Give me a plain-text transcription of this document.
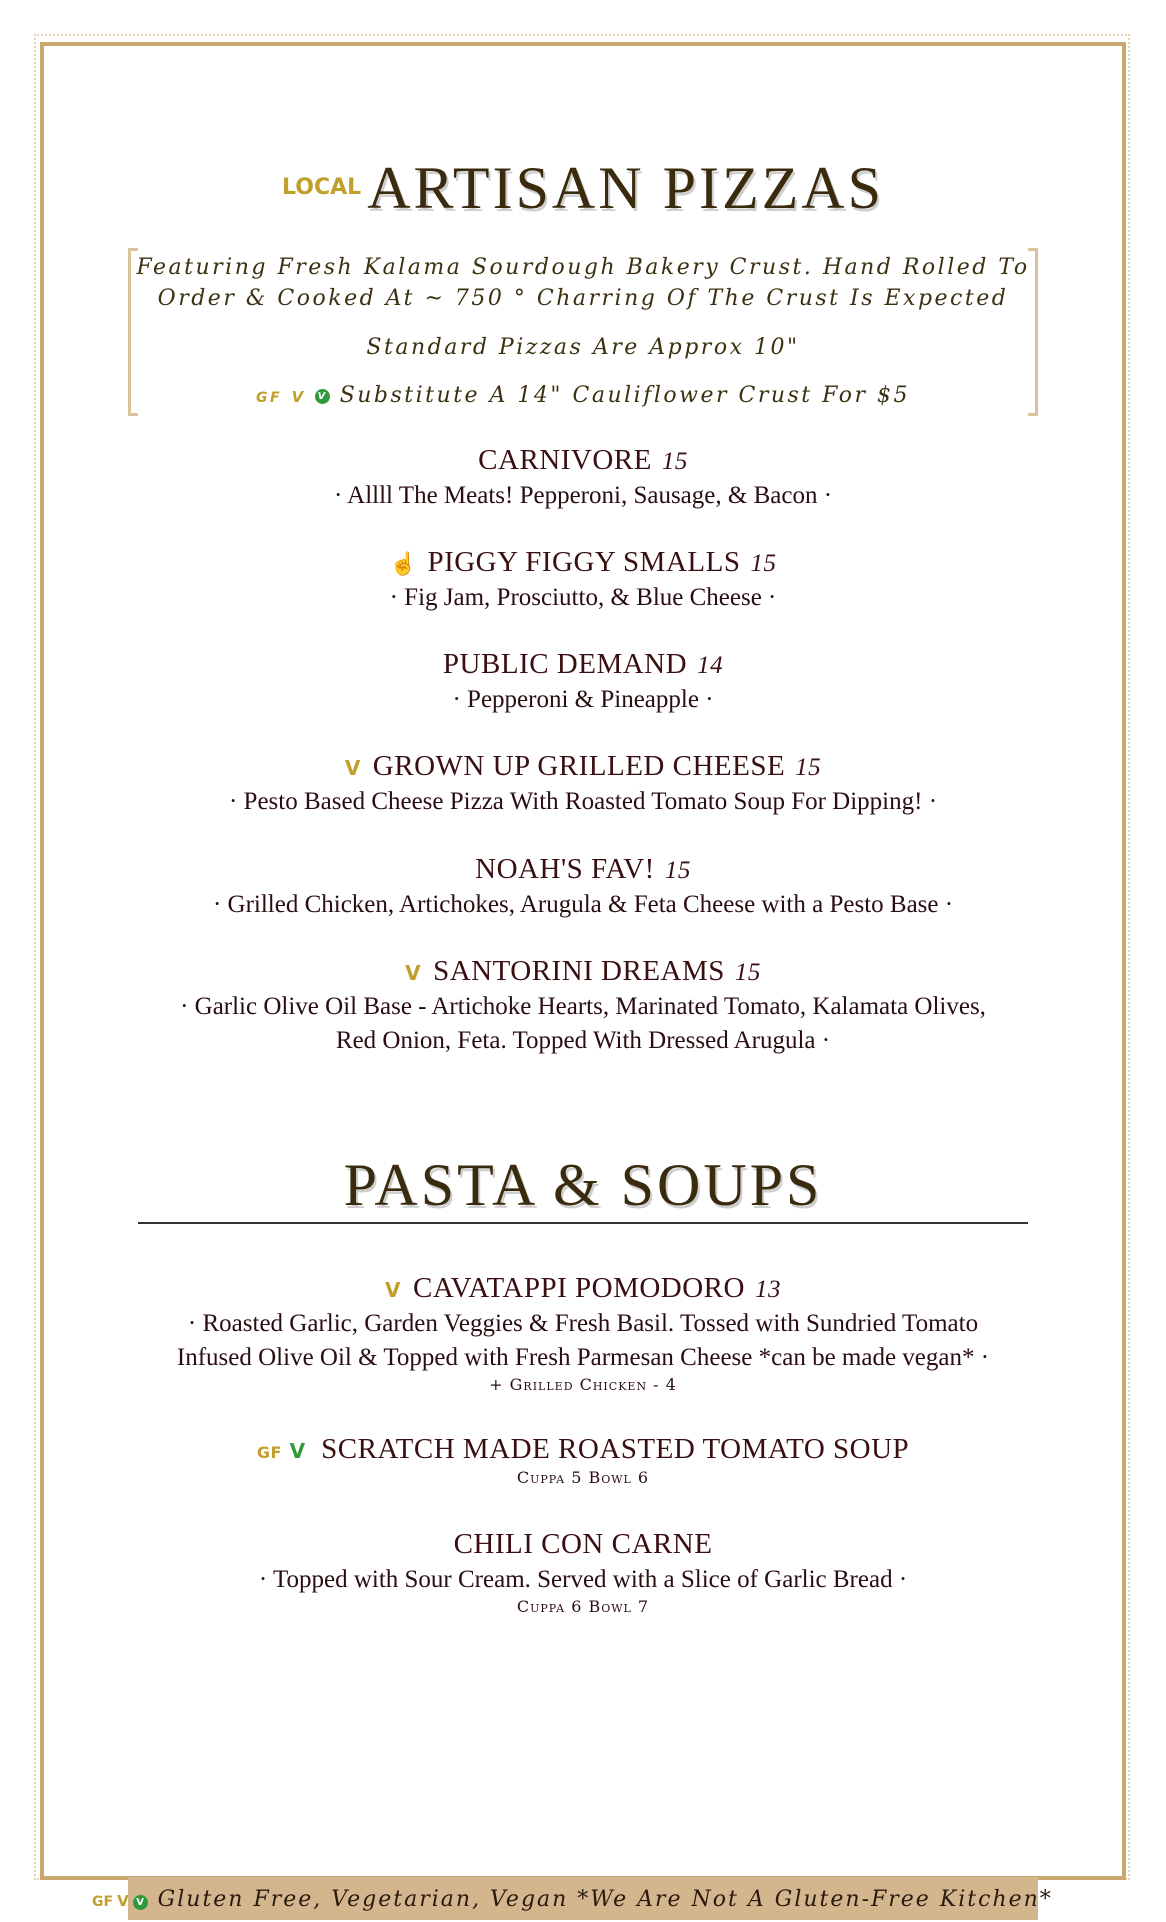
LOCAL ARTISAN PIZZAS
Featuring Fresh Kalama Sourdough Bakery Crust. Hand Rolled To
Order & Cooked At ~ 750 ° Charring Of The Crust Is Expected
Standard Pizzas Are Approx 10"
GF V V Substitute A 14" Cauliflower Crust For $5
CARNIVORE 15
· Allll The Meats! Pepperoni, Sausage, & Bacon ·
☝ PIGGY FIGGY SMALLS 15
· Fig Jam, Prosciutto, & Blue Cheese ·
PUBLIC DEMAND 14
· Pepperoni & Pineapple ·
V GROWN UP GRILLED CHEESE 15
· Pesto Based Cheese Pizza With Roasted Tomato Soup For Dipping! ·
NOAH'S FAV! 15
· Grilled Chicken, Artichokes, Arugula & Feta Cheese with a Pesto Base ·
V SANTORINI DREAMS 15
· Garlic Olive Oil Base - Artichoke Hearts, Marinated Tomato, Kalamata Olives,
Red Onion, Feta. Topped With Dressed Arugula ·
PASTA & SOUPS
V CAVATAPPI POMODORO 13
· Roasted Garlic, Garden Veggies & Fresh Basil. Tossed with Sundried Tomato
Infused Olive Oil & Topped with Fresh Parmesan Cheese *can be made vegan* ·
+ Grilled Chicken - 4
GF V SCRATCH MADE ROASTED TOMATO SOUP
Cuppa 5 Bowl 6
CHILI CON CARNE
· Topped with Sour Cream. Served with a Slice of Garlic Bread ·
Cuppa 6 Bowl 7
GF V V Gluten Free, Vegetarian, Vegan *We Are Not A Gluten-Free Kitchen*
